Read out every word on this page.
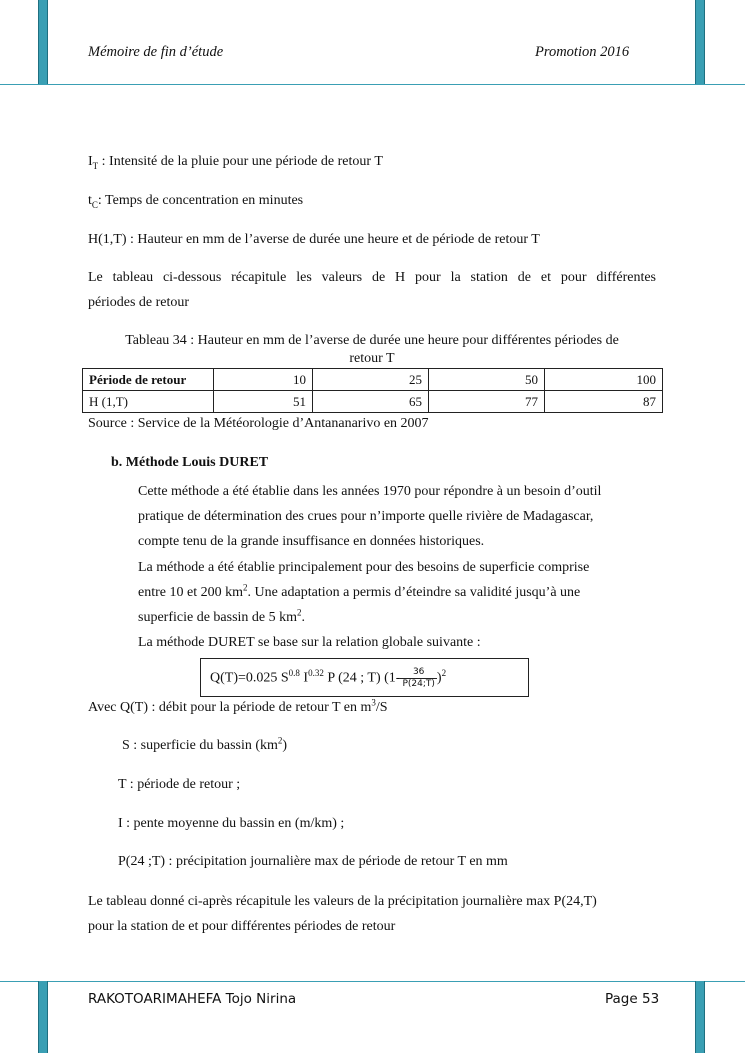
Mémoire de fin d’étude	Promotion 2016
$I_T$ : Intensité de la pluie pour une période de retour T
$t_C$: Temps de concentration en minutes
H(1,T) : Hauteur en mm de l’averse de durée une heure et de période de retour T
Le tableau ci-dessous récapitule les valeurs de H pour la station de et pour différentes
périodes de retour
Tableau 34 : Hauteur en mm de l’averse de durée une heure pour différentes périodes de
retour T
Période de retour	10	25	50	100
H (1,T)	51	65	77	87
Source : Service de la Météorologie d’Antananarivo en 2007
b. Méthode Louis DURET
Cette méthode a été établie dans les années 1970 pour répondre à un besoin d’outil
pratique de détermination des crues pour n’importe quelle rivière de Madagascar,
compte tenu de la grande insuffisance en données historiques.
La méthode a été établie principalement pour des besoins de superficie comprise
entre 10 et 200 $km^2$. Une adaptation a permis d’éteindre sa validité jusqu’à une
superficie de bassin de 5 $km^2$.
La méthode DURET se base sur la relation globale suivante :
Q(T)=0.025 $S^{0.8}$ $I^{0.32}$ P (24 ; T) $(1- \frac{36}{P(24;T)} )^2$
Avec Q(T) : débit pour la période de retour T en $m^3/S$
S : superficie du bassin $(km^2)$
T : période de retour ;
I : pente moyenne du bassin en (m/km) ;
P(24 ;T) : précipitation journalière max de période de retour T en mm
Le tableau donné ci-après récapitule les valeurs de la précipitation journalière max P(24,T)
pour la station de et pour différentes périodes de retour
RAKOTOARIMAHEFA Tojo Nirina	Page 53
